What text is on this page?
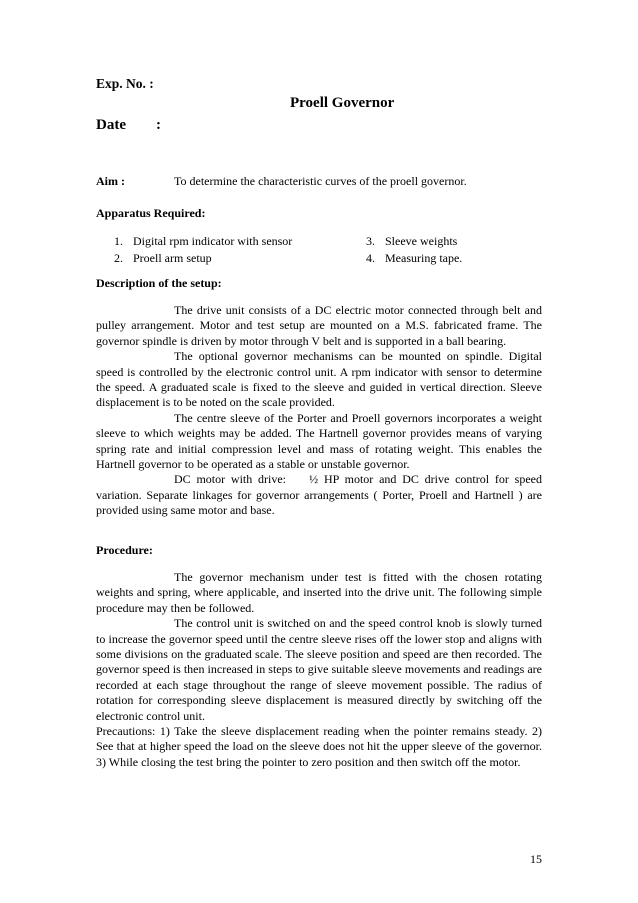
Exp. No. :
Proell Governor
Date :
Aim :	To determine the characteristic curves of the proell governor.
Apparatus Required:
1. Digital rpm indicator with sensor
2. Proell arm setup
3. Sleeve weights
4. Measuring tape.
Description of the setup:

The drive unit consists of a DC electric motor connected through belt and pulley arrangement. Motor and test setup are mounted on a M.S. fabricated frame. The governor spindle is driven by motor through V belt and is supported in a ball bearing.

The optional governor mechanisms can be mounted on spindle. Digital speed is controlled by the electronic control unit. A rpm indicator with sensor to determine the speed. A graduated scale is fixed to the sleeve and guided in vertical direction. Sleeve displacement is to be noted on the scale provided.

The centre sleeve of the Porter and Proell governors incorporates a weight sleeve to which weights may be added. The Hartnell governor provides means of varying spring rate and initial compression level and mass of rotating weight. This enables the Hartnell governor to be operated as a stable or unstable governor.

DC motor with drive:    ½ HP motor and DC drive control for speed variation. Separate linkages for governor arrangements ( Porter, Proell and Hartnell ) are provided using same motor and base.

Procedure:

The governor mechanism under test is fitted with the chosen rotating weights and spring, where applicable, and inserted into the drive unit. The following simple procedure may then be followed.

The control unit is switched on and the speed control knob is slowly turned to increase the governor speed until the centre sleeve rises off the lower stop and aligns with some divisions on the graduated scale. The sleeve position and speed are then recorded. The governor speed is then increased in steps to give suitable sleeve movements and readings are recorded at each stage throughout the range of sleeve movement possible. The radius of rotation for corresponding sleeve displacement is measured directly by switching off the electronic control unit.

Precautions: 1) Take the sleeve displacement reading when the pointer remains steady. 2) See that at higher speed the load on the sleeve does not hit the upper sleeve of the governor. 3) While closing the test bring the pointer to zero position and then switch off the motor.

15
